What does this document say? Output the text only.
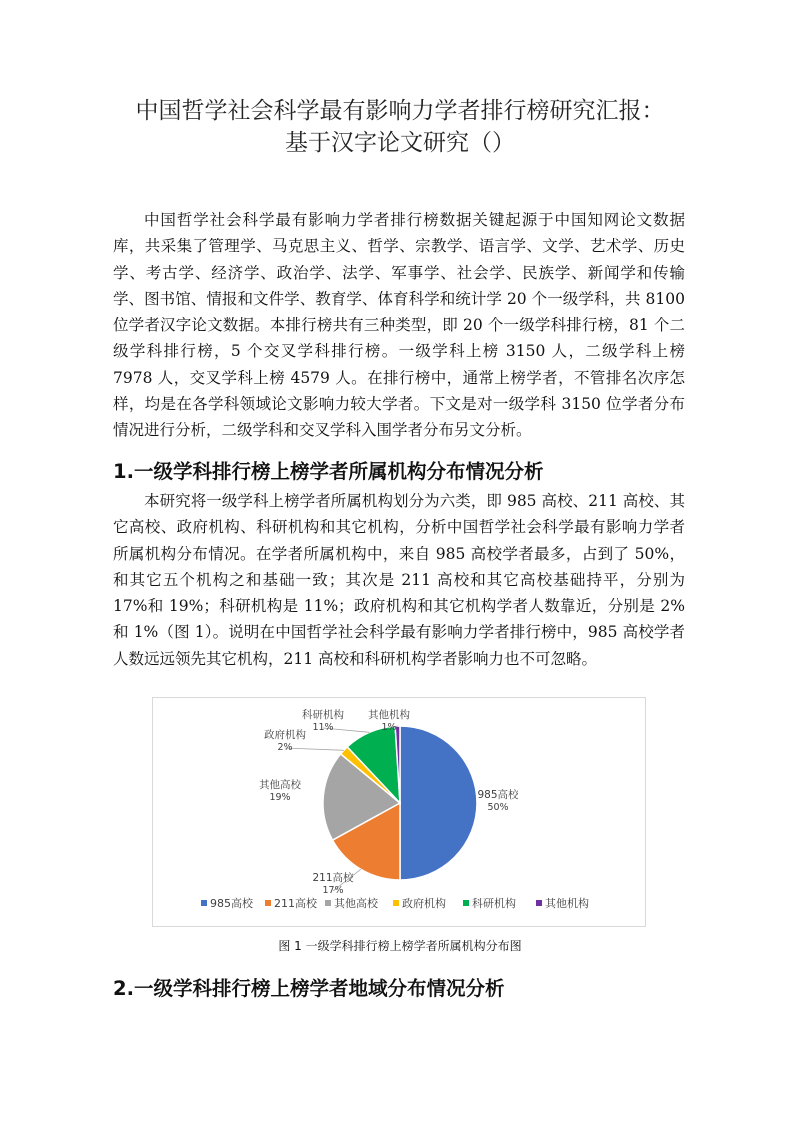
中国哲学社会科学最有影响力学者排行榜研究汇报：
基于汉字论文研究（）

中国哲学社会科学最有影响力学者排行榜数据关键起源于中国知网论文数据库，共采集了管理学、马克思主义、哲学、宗教学、语言学、文学、艺术学、历史学、考古学、经济学、政治学、法学、军事学、社会学、民族学、新闻学和传输学、图书馆、情报和文件学、教育学、体育科学和统计学 20 个一级学科，共 8100 位学者汉字论文数据。本排行榜共有三种类型，即 20 个一级学科排行榜，81 个二级学科排行榜，5 个交叉学科排行榜。一级学科上榜 3150 人，二级学科上榜 7978 人，交叉学科上榜 4579 人。在排行榜中，通常上榜学者，不管排名次序怎样，均是在各学科领域论文影响力较大学者。下文是对一级学科 3150 位学者分布情况进行分析，二级学科和交叉学科入围学者分布另文分析。

1.一级学科排行榜上榜学者所属机构分布情况分析

本研究将一级学科上榜学者所属机构划分为六类，即 985 高校、211 高校、其它高校、政府机构、科研机构和其它机构，分析中国哲学社会科学最有影响力学者所属机构分布情况。在学者所属机构中，来自 985 高校学者最多，占到了 50%，和其它五个机构之和基础一致；其次是 211 高校和其它高校基础持平，分别为 17%和 19%；科研机构是 11%；政府机构和其它机构学者人数靠近，分别是 2%和 1%（图 1）。说明在中国哲学社会科学最有影响力学者排行榜中，985 高校学者人数远远领先其它机构，211 高校和科研机构学者影响力也不可忽略。

985高校
50%
211高校
17%
其他高校
19%
政府机构
2%
科研机构
11%
其他机构
1%
985高校 211高校 其他高校 政府机构 科研机构	其他机构
图 1 一级学科排行榜上榜学者所属机构分布图
2.一级学科排行榜上榜学者地域分布情况分析
